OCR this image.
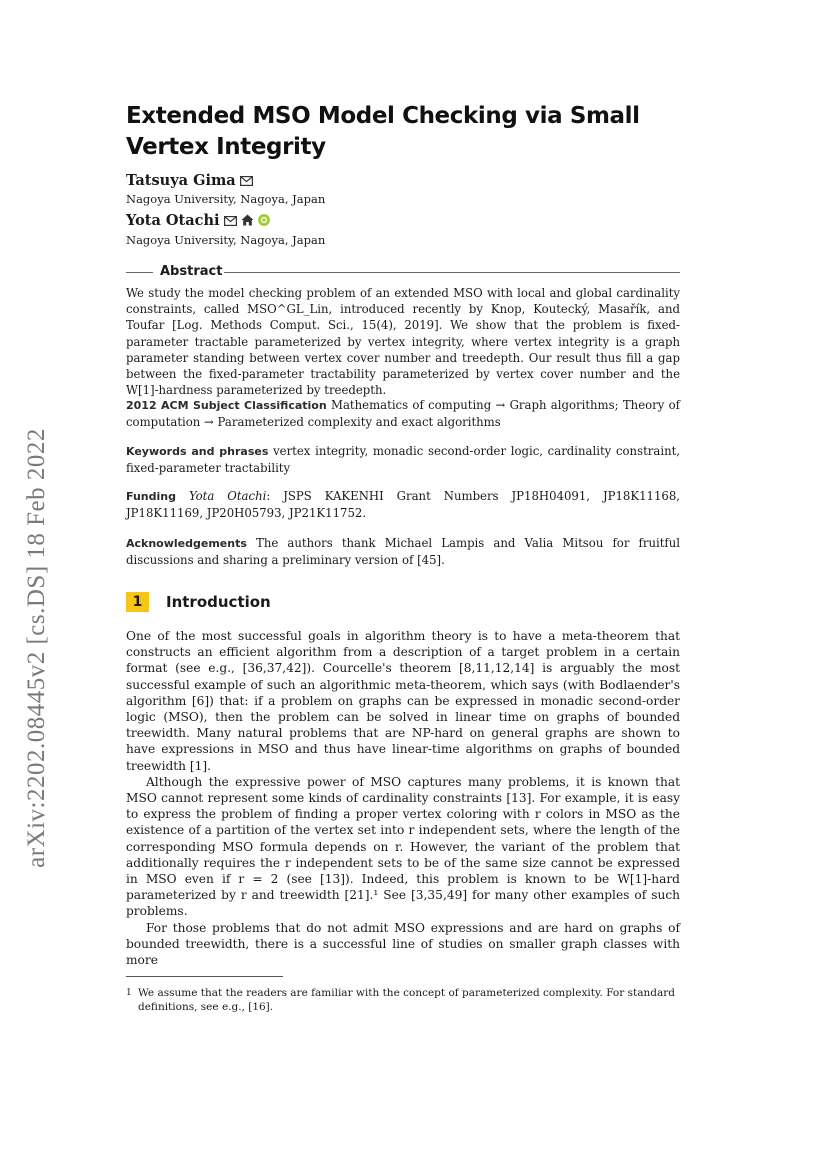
arXiv:2202.08445v2 [cs.DS] 18 Feb 2022
Extended MSO Model Checking via Small Vertex Integrity
Tatsuya Gima
Nagoya University, Nagoya, Japan
Yota Otachi
Nagoya University, Nagoya, Japan
Abstract
We study the model checking problem of an extended MSO with local and global cardinality constraints, called MSO^GL_Lin, introduced recently by Knop, Koutecký, Masařík, and Toufar [Log. Methods Comput. Sci., 15(4), 2019]. We show that the problem is fixed-parameter tractable parameterized by vertex integrity, where vertex integrity is a graph parameter standing between vertex cover number and treedepth. Our result thus fill a gap between the fixed-parameter tractability parameterized by vertex cover number and the W[1]-hardness parameterized by treedepth.
2012 ACM Subject Classification Mathematics of computing → Graph algorithms; Theory of computation → Parameterized complexity and exact algorithms
Keywords and phrases vertex integrity, monadic second-order logic, cardinality constraint, fixed-parameter tractability
Funding Yota Otachi: JSPS KAKENHI Grant Numbers JP18H04091, JP18K11168, JP18K11169, JP20H05793, JP21K11752.
Acknowledgements The authors thank Michael Lampis and Valia Mitsou for fruitful discussions and sharing a preliminary version of [45].
1	Introduction

One of the most successful goals in algorithm theory is to have a meta-theorem that constructs an efficient algorithm from a description of a target problem in a certain format (see e.g., [36,37,42]). Courcelle's theorem [8,11,12,14] is arguably the most successful example of such an algorithmic meta-theorem, which says (with Bodlaender's algorithm [6]) that: if a problem on graphs can be expressed in monadic second-order logic (MSO), then the problem can be solved in linear time on graphs of bounded treewidth. Many natural problems that are NP-hard on general graphs are shown to have expressions in MSO and thus have linear-time algorithms on graphs of bounded treewidth [1].

Although the expressive power of MSO captures many problems, it is known that MSO cannot represent some kinds of cardinality constraints [13]. For example, it is easy to express the problem of finding a proper vertex coloring with r colors in MSO as the existence of a partition of the vertex set into r independent sets, where the length of the corresponding MSO formula depends on r. However, the variant of the problem that additionally requires the r independent sets to be of the same size cannot be expressed in MSO even if r = 2 (see [13]). Indeed, this problem is known to be W[1]-hard parameterized by r and treewidth [21].¹ See [3,35,49] for many other examples of such problems.

For those problems that do not admit MSO expressions and are hard on graphs of bounded treewidth, there is a successful line of studies on smaller graph classes with more

1 We assume that the readers are familiar with the concept of parameterized complexity. For standard definitions, see e.g., [16].
